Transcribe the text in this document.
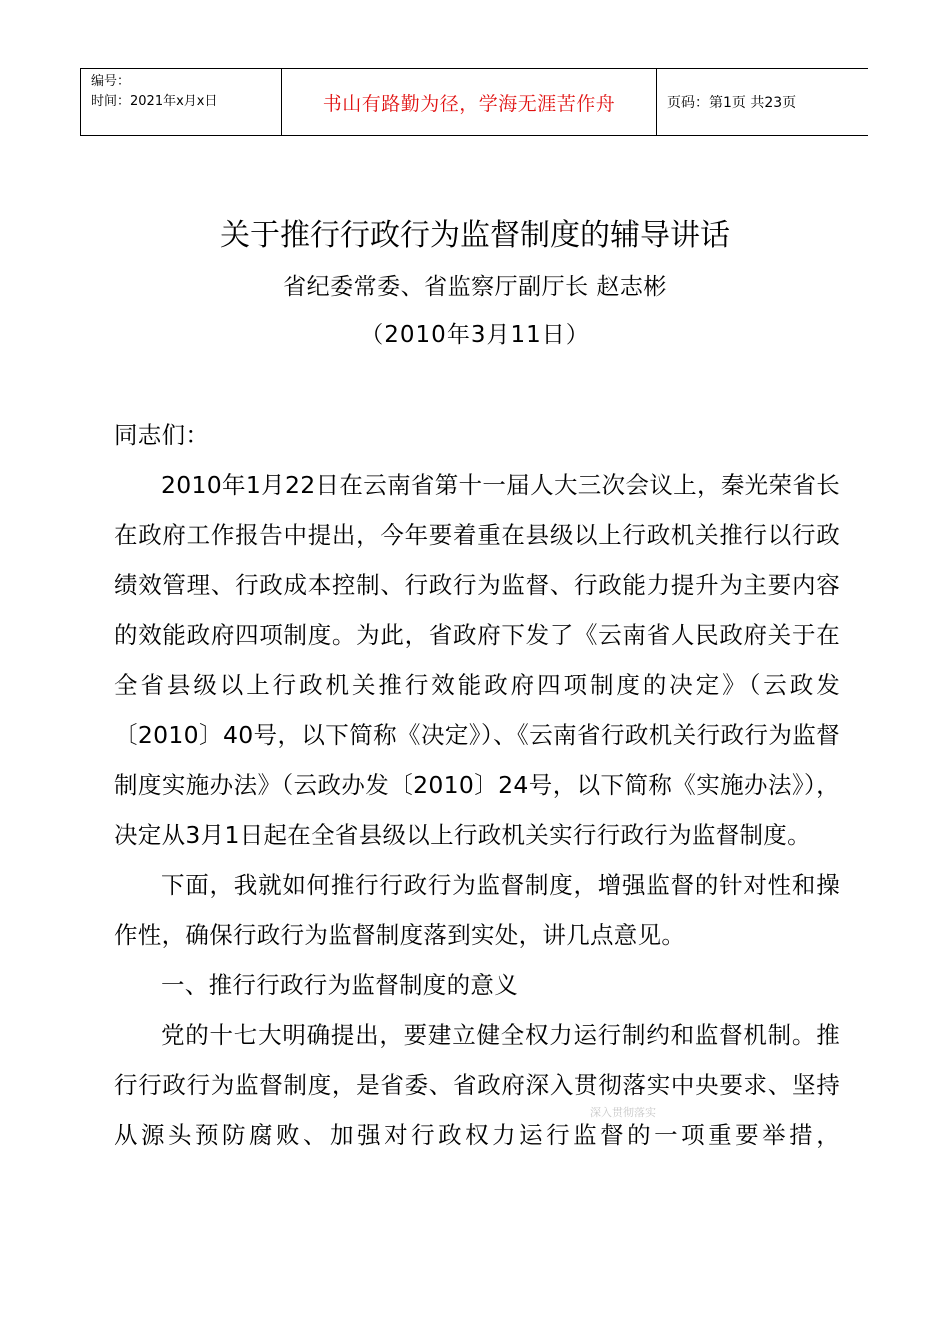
编号：
时间：2021年x月x日	书山有路勤为径，学海无涯苦作舟	页码：第1页 共23页
关于推行行政行为监督制度的辅导讲话
省纪委常委、省监察厅副厅长 赵志彬
（2010年3月11日）

同志们：

2010年1月22日在云南省第十一届人大三次会议上，秦光荣省长在政府工作报告中提出，今年要着重在县级以上行政机关推行以行政绩效管理、行政成本控制、行政行为监督、行政能力提升为主要内容的效能政府四项制度。为此，省政府下发了《云南省人民政府关于在全省县级以上行政机关推行效能政府四项制度的决定》（云政发〔2010〕40号，以下简称《决定》）、《云南省行政机关行政行为监督制度实施办法》（云政办发〔2010〕24号，以下简称《实施办法》），决定从3月1日起在全省县级以上行政机关实行行政行为监督制度。

下面，我就如何推行行政行为监督制度，增强监督的针对性和操作性，确保行政行为监督制度落到实处，讲几点意见。

一、推行行政行为监督制度的意义

党的十七大明确提出，要建立健全权力运行制约和监督机制。推行行政行为监督制度，是省委、省政府深入贯彻落实中央要求、坚持从源头预防腐败、加强对行政权力运行监督的一项重要举措，

深入贯彻落实
